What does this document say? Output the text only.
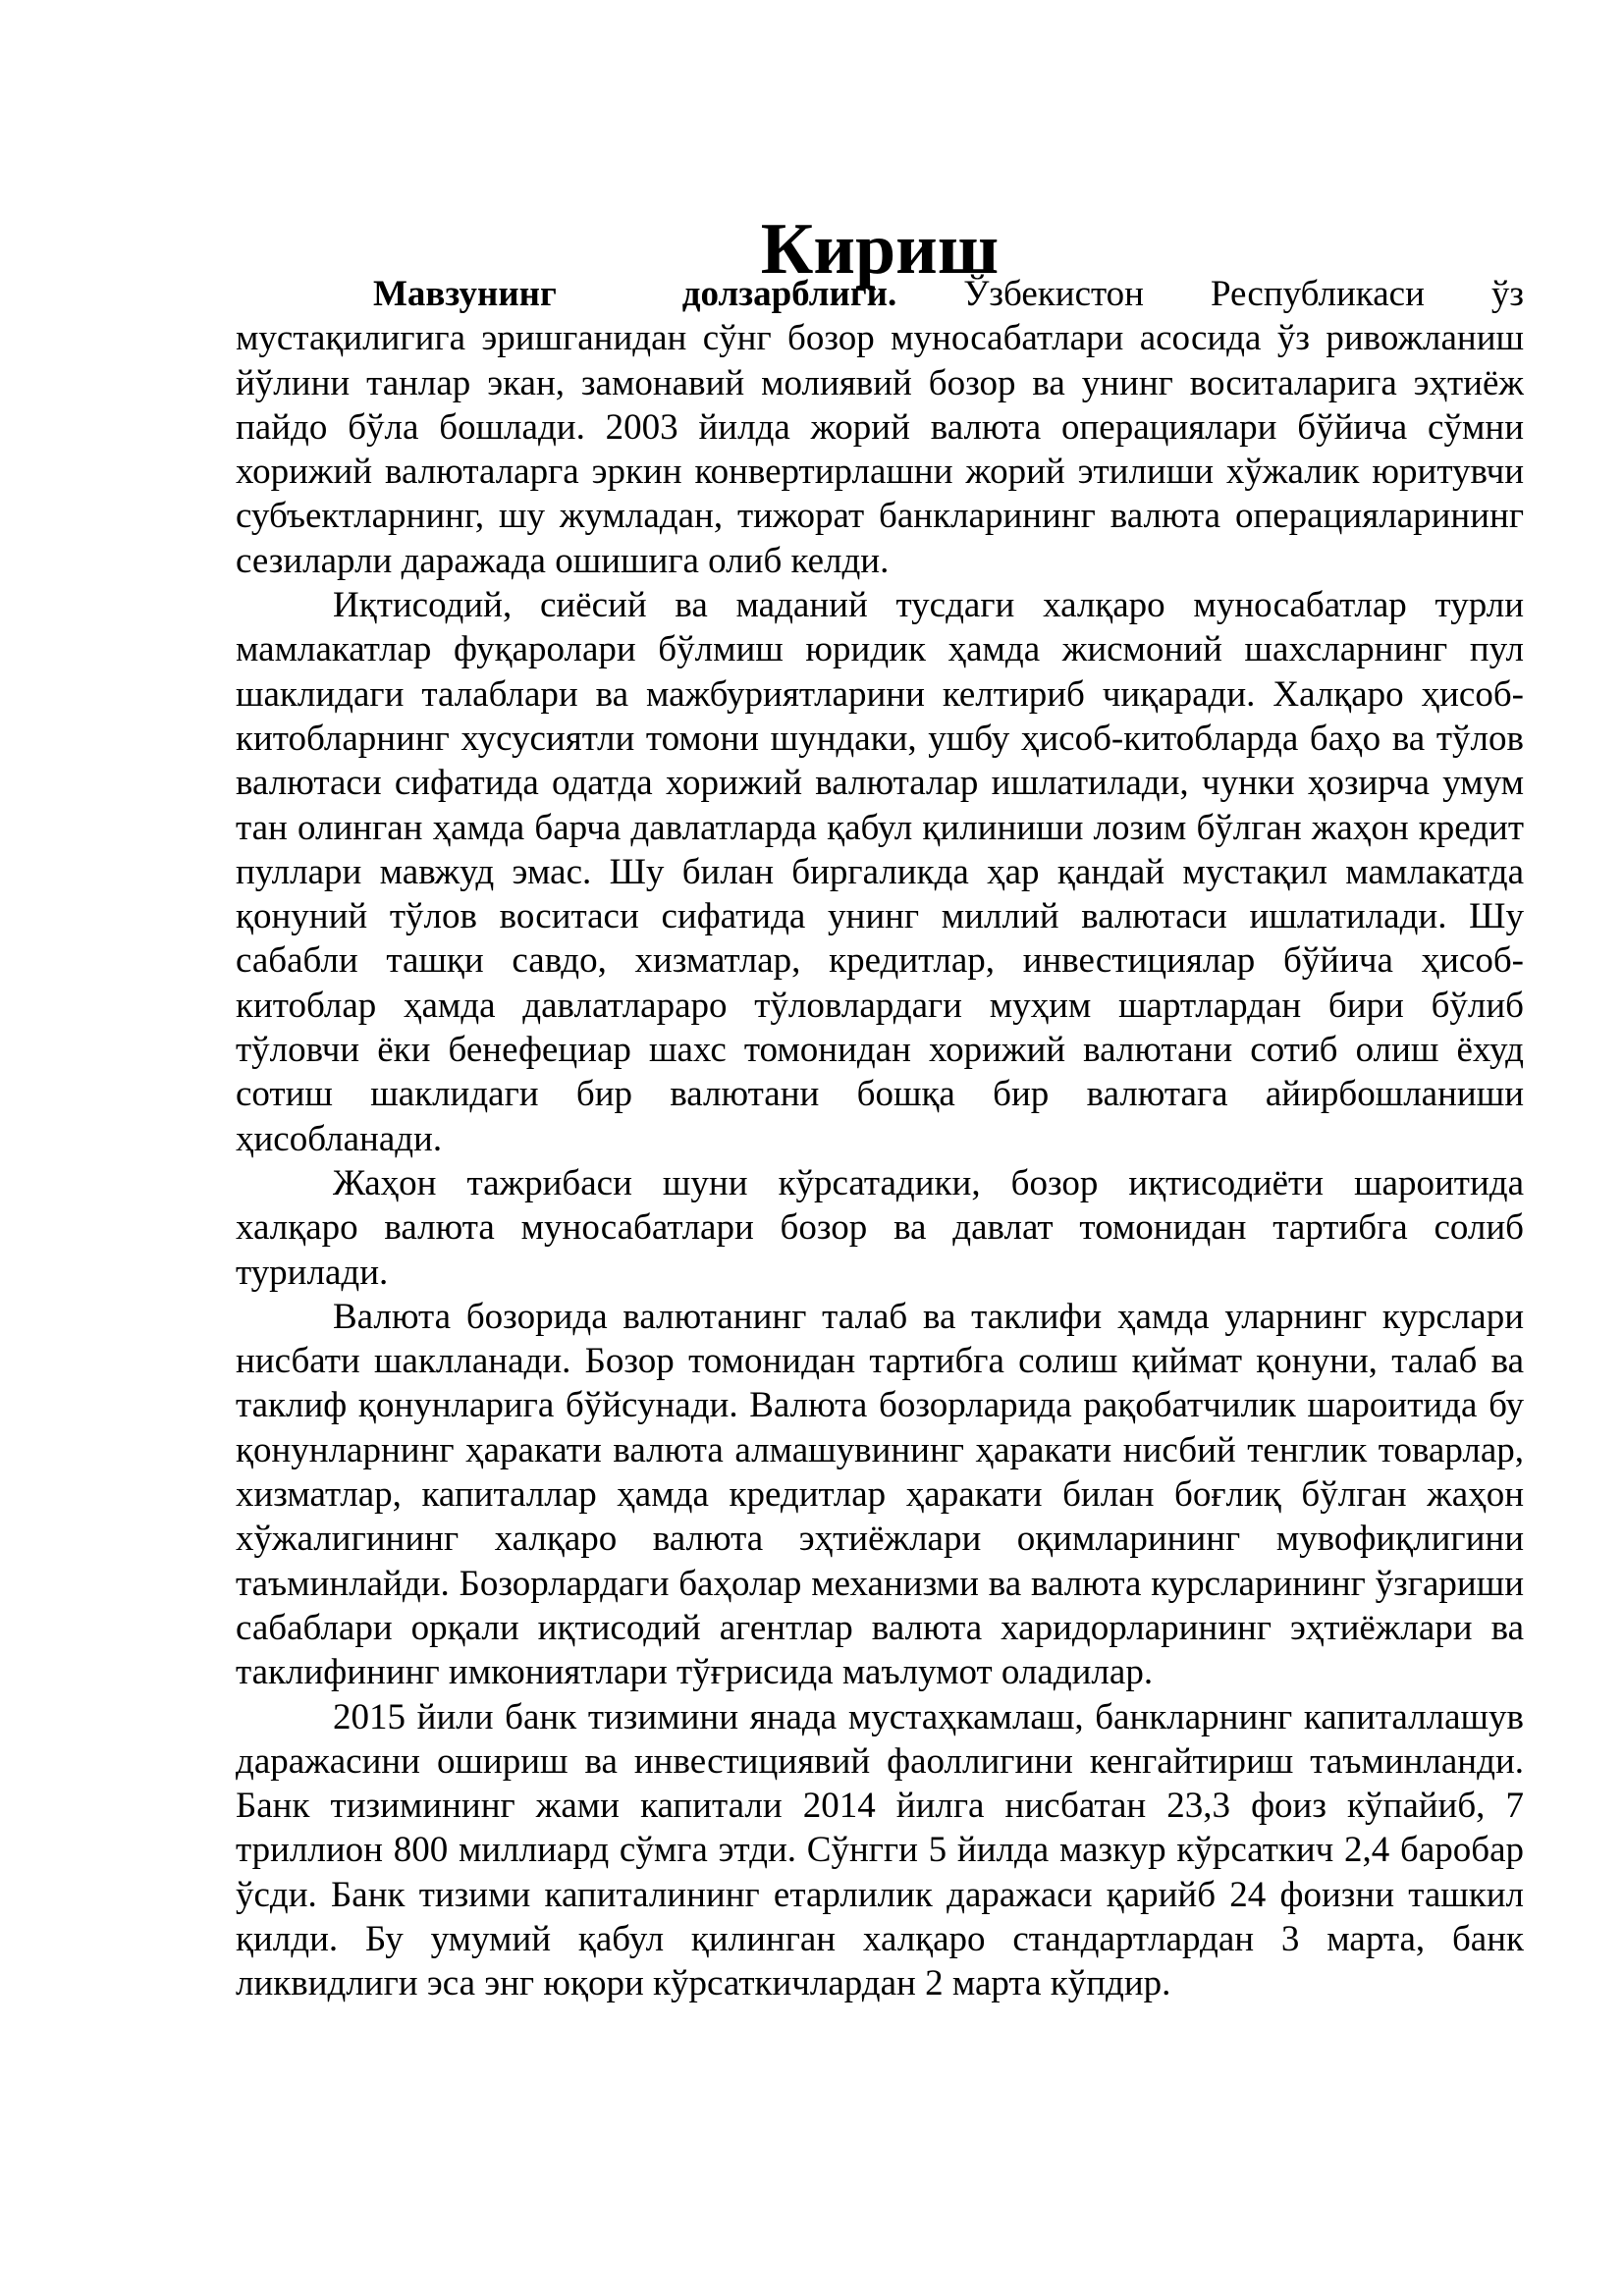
Кириш

Мавзунинг долзарблиги. Ўзбекистон Республикаси ўз мустақилигига эришганидан сўнг бозор муносабатлари асосида ўз ривожланиш йўлини танлар экан, замонавий молиявий бозор ва унинг воситаларига эҳтиёж пайдо бўла бошлади. 2003 йилда жорий валюта операциялари бўйича сўмни хорижий валюталарга эркин конвертирлашни жорий этилиши хўжалик юритувчи субъектларнинг, шу жумладан, тижорат банкларининг валюта операцияларининг сезиларли даражада ошишига олиб келди.

Иқтисодий, сиёсий ва маданий тусдаги халқаро муносабатлар турли мамлакатлар фуқаролари бўлмиш юридик ҳамда жисмоний шахсларнинг пул шаклидаги талаблари ва мажбуриятларини келтириб чиқаради. Халқаро ҳисоб-китобларнинг хусусиятли томони шундаки, ушбу ҳисоб-китобларда баҳо ва тўлов валютаси сифатида одатда хорижий валюталар ишлатилади, чунки ҳозирча умум тан олинган ҳамда барча давлатларда қабул қилиниши лозим бўлган жаҳон кредит пуллари мавжуд эмас. Шу билан биргаликда ҳар қандай мустақил мамлакатда қонуний тўлов воситаси сифатида унинг миллий валютаси ишлатилади. Шу сабабли ташқи савдо, хизматлар, кредитлар, инвестициялар бўйича ҳисоб-китоблар ҳамда давлатлараро тўловлардаги муҳим шартлардан бири бўлиб тўловчи ёки бенефециар шахс томонидан хорижий валютани сотиб олиш ёхуд сотиш шаклидаги бир валютани бошқа бир валютага айирбошланиши ҳисобланади.

Жаҳон тажрибаси шуни кўрсатадики, бозор иқтисодиёти шароитида халқаро валюта муносабатлари бозор ва давлат томонидан тартибга солиб турилади.

Валюта бозорида валютанинг талаб ва таклифи ҳамда уларнинг курслари нисбати шаклланади. Бозор томонидан тартибга солиш қиймат қонуни, талаб ва таклиф қонунларига бўйсунади. Валюта бозорларида рақобатчилик шароитида бу қонунларнинг ҳаракати валюта алмашувининг ҳаракати нисбий тенглик товарлар, хизматлар, капиталлар ҳамда кредитлар ҳаракати билан боғлиқ бўлган жаҳон хўжалигининг халқаро валюта эҳтиёжлари оқимларининг мувофиқлигини таъминлайди. Бозорлардаги баҳолар механизми ва валюта курсларининг ўзгариши сабаблари орқали иқтисодий агентлар валюта харидорларининг эҳтиёжлари ва таклифининг имкониятлари тўғрисида маълумот оладилар.

2015 йили банк тизимини янада мустаҳкамлаш, банкларнинг капиталлашув даражасини ошириш ва инвестициявий фаоллигини кенгайтириш таъминланди. Банк тизимининг жами капитали 2014 йилга нисбатан 23,3 фоиз кўпайиб, 7 триллион 800 миллиард сўмга этди. Сўнгги 5 йилда мазкур кўрсаткич 2,4 баробар ўсди. Банк тизими капиталининг етарлилик даражаси қарийб 24 фоизни ташкил қилди. Бу умумий қабул қилинган халқаро стандартлардан 3 марта, банк ликвидлиги эса энг юқори кўрсаткичлардан 2 марта кўпдир.
